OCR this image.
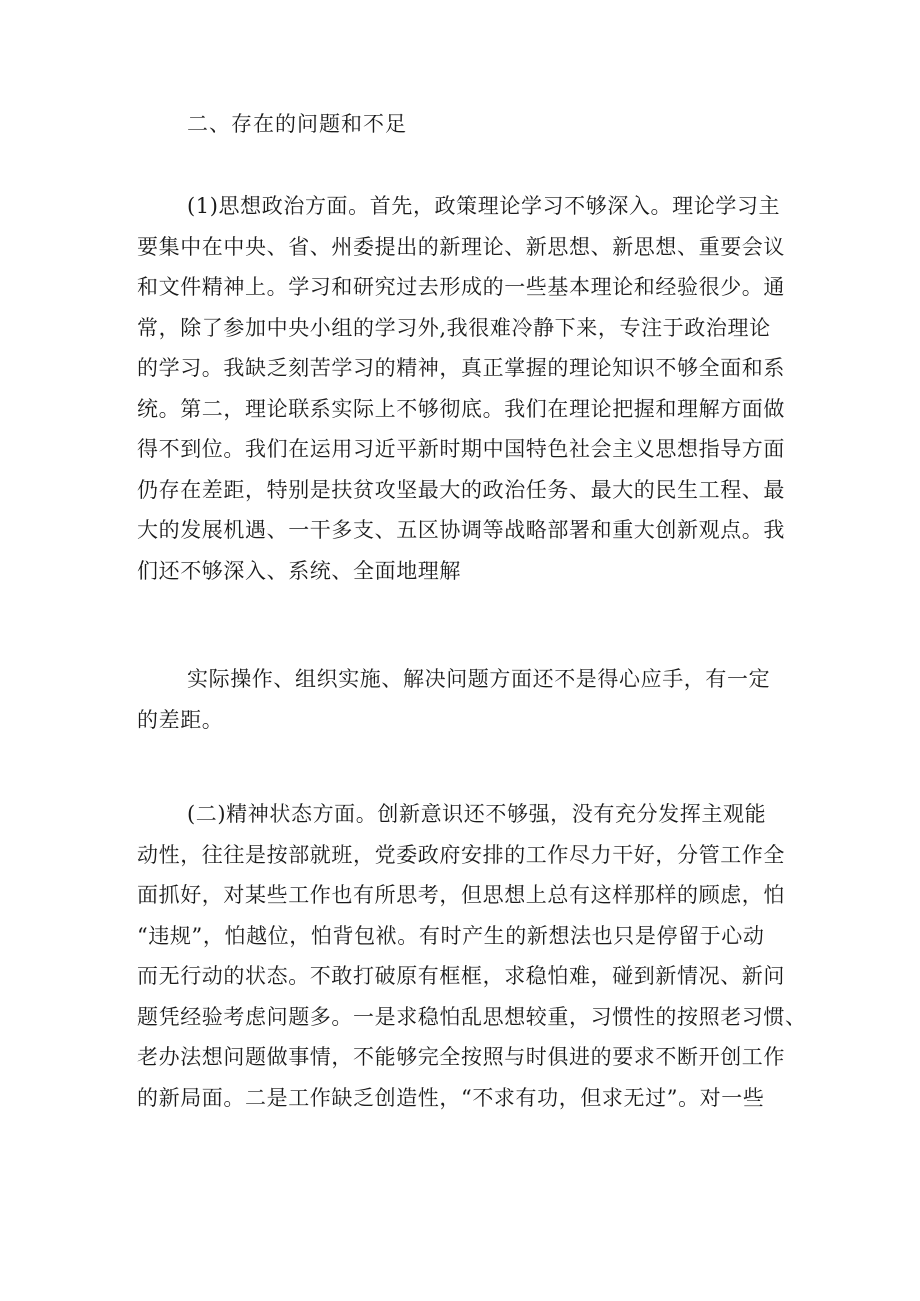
二、存在的问题和不足
(1)思想政治方面。首先，政策理论学习不够深入。理论学习主
要集中在中央、省、州委提出的新理论、新思想、新思想、重要会议
和文件精神上。学习和研究过去形成的一些基本理论和经验很少。通
常，除了参加中央小组的学习外,我很难冷静下来，专注于政治理论
的学习。我缺乏刻苦学习的精神，真正掌握的理论知识不够全面和系
统。第二，理论联系实际上不够彻底。我们在理论把握和理解方面做
得不到位。我们在运用习近平新时期中国特色社会主义思想指导方面
仍存在差距，特别是扶贫攻坚最大的政治任务、最大的民生工程、最
大的发展机遇、一干多支、五区协调等战略部署和重大创新观点。我
们还不够深入、系统、全面地理解
实际操作、组织实施、解决问题方面还不是得心应手，有一定
的差距。
(二)精神状态方面。创新意识还不够强，没有充分发挥主观能
动性，往往是按部就班，党委政府安排的工作尽力干好，分管工作全
面抓好，对某些工作也有所思考，但思想上总有这样那样的顾虑，怕
“违规”，怕越位，怕背包袱。有时产生的新想法也只是停留于心动
而无行动的状态。不敢打破原有框框，求稳怕难，碰到新情况、新问
题凭经验考虑问题多。一是求稳怕乱思想较重，习惯性的按照老习惯、
老办法想问题做事情，不能够完全按照与时俱进的要求不断开创工作
的新局面。二是工作缺乏创造性，“不求有功，但求无过”。对一些
